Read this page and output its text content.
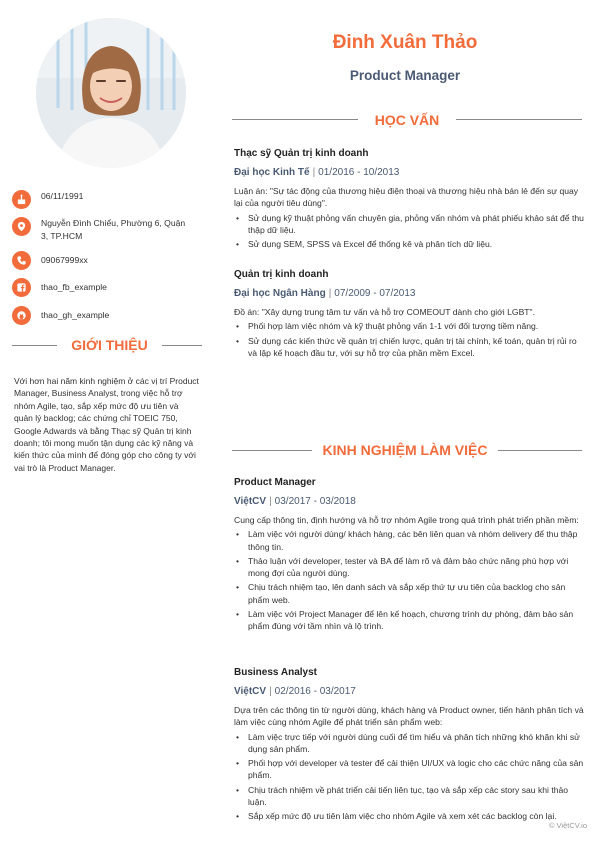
06/11/1991
Nguyễn Đình Chiểu, Phường 6, Quận 3, TP.HCM
09067999xx
thao_fb_example
thao_gh_example
GIỚI THIỆU
Với hơn hai năm kinh nghiệm ở các vị trí Product Manager, Business Analyst, trong việc hỗ trợ nhóm Agile, tạo, sắp xếp mức độ ưu tiên và quản lý backlog; các chứng chỉ TOEIC 750, Google Adwards và bằng Thạc sỹ Quản trị kinh doanh; tôi mong muốn tận dụng các kỹ năng và kiến thức của mình để đóng góp cho công ty với vai trò là Product Manager.
Đinh Xuân Thảo
Product Manager
HỌC VẤN
Thạc sỹ Quản trị kinh doanh
Đại học Kinh Tế | 01/2016 - 10/2013
Luận án: "Sự tác động của thương hiệu điện thoại và thương hiệu nhà bán lẻ đến sự quay lại của người tiêu dùng".
• Sử dụng kỹ thuật phỏng vấn chuyên gia, phỏng vấn nhóm và phát phiếu khảo sát để thu thập dữ liệu.
• Sử dụng SEM, SPSS và Excel để thống kê và phân tích dữ liệu.
Quản trị kinh doanh
Đại học Ngân Hàng | 07/2009 - 07/2013
Đồ án: "Xây dựng trung tâm tư vấn và hỗ trợ COMEOUT dành cho giới LGBT".
• Phối hợp làm việc nhóm và kỹ thuật phỏng vấn 1-1 với đối tượng tiềm năng.
• Sử dụng các kiến thức về quản trị chiến lược, quản trị tài chính, kế toán, quản trị rủi ro và lập kế hoạch đầu tư, với sự hỗ trợ của phần mềm Excel.
KINH NGHIỆM LÀM VIỆC
Product Manager
ViệtCV | 03/2017 - 03/2018
Cung cấp thông tin, định hướng và hỗ trợ nhóm Agile trong quá trình phát triển phần mềm:
• Làm việc với người dùng/ khách hàng, các bên liên quan và nhóm delivery để thu thập thông tin.
• Thảo luận với developer, tester và BA để làm rõ và đảm bảo chức năng phù hợp với mong đợi của người dùng.
• Chịu trách nhiệm tạo, lên danh sách và sắp xếp thứ tự ưu tiên của backlog cho sản phẩm web.
• Làm việc với Project Manager để lên kế hoạch, chương trình dự phòng, đảm bảo sản phẩm đúng với tầm nhìn và lộ trình.
Business Analyst
ViệtCV | 02/2016 - 03/2017
Dựa trên các thông tin từ người dùng, khách hàng và Product owner, tiến hành phân tích và làm việc cùng nhóm Agile để phát triển sản phẩm web:
• Làm việc trực tiếp với người dùng cuối để tìm hiểu và phân tích những khó khăn khi sử dụng sản phẩm.
• Phối hợp với developer và tester để cải thiện UI/UX và logic cho các chức năng của sản phẩm.
• Chịu trách nhiệm về phát triển cải tiến liên tục, tạo và sắp xếp các story sau khi thảo luận.
• Sắp xếp mức độ ưu tiên làm việc cho nhóm Agile và xem xét các backlog còn lại.
© ViệtCV.io
